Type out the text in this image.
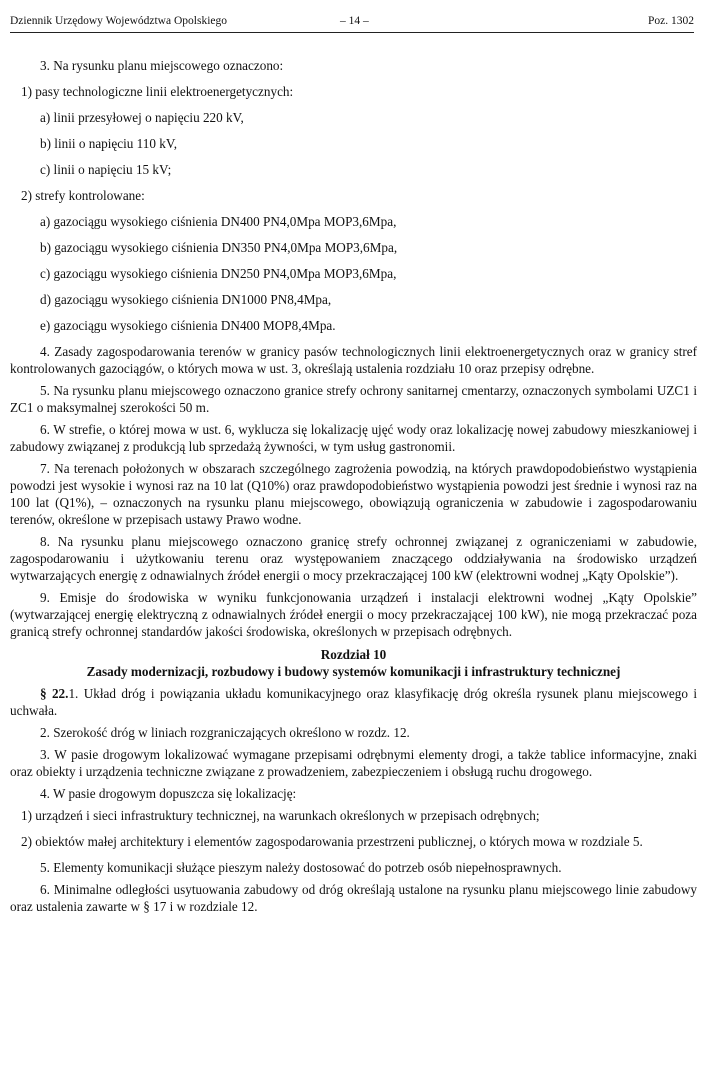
Dziennik Urzędowy Województwa Opolskiego	– 14 –	Poz. 1302

3. Na rysunku planu miejscowego oznaczono:

1) pasy technologiczne linii elektroenergetycznych:

a) linii przesyłowej o napięciu 220 kV,

b) linii o napięciu 110 kV,

c) linii o napięciu 15 kV;

2) strefy kontrolowane:

a) gazociągu wysokiego ciśnienia DN400 PN4,0Mpa MOP3,6Mpa,

b) gazociągu wysokiego ciśnienia DN350 PN4,0Mpa MOP3,6Mpa,

c) gazociągu wysokiego ciśnienia DN250 PN4,0Mpa MOP3,6Mpa,

d) gazociągu wysokiego ciśnienia DN1000 PN8,4Mpa,

e) gazociągu wysokiego ciśnienia DN400 MOP8,4Mpa.

4. Zasady zagospodarowania terenów w granicy pasów technologicznych linii elektroenergetycznych oraz w granicy stref kontrolowanych gazociągów, o których mowa w ust. 3, określają ustalenia rozdziału 10 oraz przepisy odrębne.

5. Na rysunku planu miejscowego oznaczono granice strefy ochrony sanitarnej cmentarzy, oznaczonych symbolami UZC1 i ZC1 o maksymalnej szerokości 50 m.

6. W strefie, o której mowa w ust. 6, wyklucza się lokalizację ujęć wody oraz lokalizację nowej zabudowy mieszkaniowej i zabudowy związanej z produkcją lub sprzedażą żywności, w tym usług gastronomii.

7. Na terenach położonych w obszarach szczególnego zagrożenia powodzią, na których prawdopodobieństwo wystąpienia powodzi jest wysokie i wynosi raz na 10 lat (Q10%) oraz prawdopodobieństwo wystąpienia powodzi jest średnie i wynosi raz na 100 lat (Q1%), – oznaczonych na rysunku planu miejscowego, obowiązują ograniczenia w zabudowie i zagospodarowaniu terenów, określone w przepisach ustawy Prawo wodne.

8. Na rysunku planu miejscowego oznaczono granicę strefy ochronnej związanej z ograniczeniami w zabudowie, zagospodarowaniu i użytkowaniu terenu oraz występowaniem znaczącego oddziaływania na środowisko urządzeń wytwarzających energię z odnawialnych źródeł energii o mocy przekraczającej 100 kW (elektrowni wodnej „Kąty Opolskie”).

9. Emisje do środowiska w wyniku funkcjonowania urządzeń i instalacji elektrowni wodnej „Kąty Opolskie” (wytwarzającej energię elektryczną z odnawialnych źródeł energii o mocy przekraczającej 100 kW), nie mogą przekraczać poza granicą strefy ochronnej standardów jakości środowiska, określonych w przepisach odrębnych.

Rozdział 10

Zasady modernizacji, rozbudowy i budowy systemów komunikacji i infrastruktury technicznej

§ 22.1. Układ dróg i powiązania układu komunikacyjnego oraz klasyfikację dróg określa rysunek planu miejscowego i uchwała.

2. Szerokość dróg w liniach rozgraniczających określono w rozdz. 12.

3. W pasie drogowym lokalizować wymagane przepisami odrębnymi elementy drogi, a także tablice informacyjne, znaki oraz obiekty i urządzenia techniczne związane z prowadzeniem, zabezpieczeniem i obsługą ruchu drogowego.

4. W pasie drogowym dopuszcza się lokalizację:

1) urządzeń i sieci infrastruktury technicznej, na warunkach określonych w przepisach odrębnych;

2) obiektów małej architektury i elementów zagospodarowania przestrzeni publicznej, o których mowa w rozdziale 5.

5. Elementy komunikacji służące pieszym należy dostosować do potrzeb osób niepełnosprawnych.

6. Minimalne odległości usytuowania zabudowy od dróg określają ustalone na rysunku planu miejscowego linie zabudowy oraz ustalenia zawarte w § 17 i w rozdziale 12.
